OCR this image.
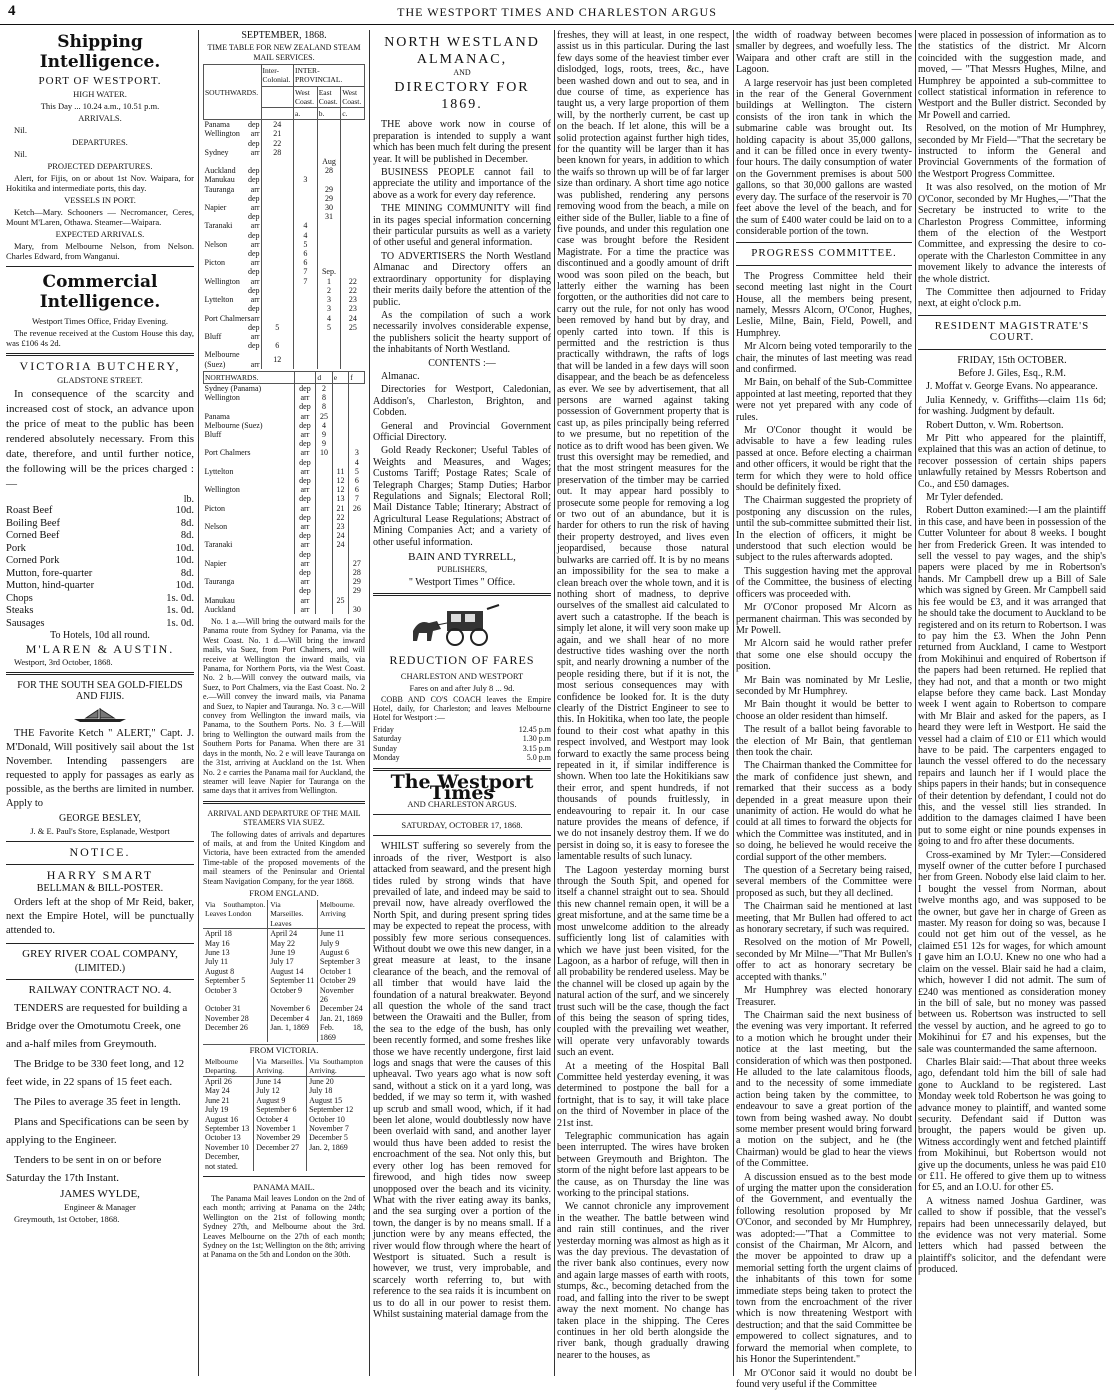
4	THE WESTPORT TIMES AND CHARLESTON ARGUS

Shipping Intelligence.

PORT OF WESTPORT.

HIGH WATER.

This Day ... 10.24 a.m., 10.51 p.m.

ARRIVALS.

Nil.

DEPARTURES.

Nil.

PROJECTED DEPARTURES.

Alert, for Fijis, on or about 1st Nov. Waipara, for Hokitika and intermediate ports, this day.

VESSELS IN PORT.

Ketch—Mary. Schooners — Necromancer, Ceres, Mount M'Laren, Othawa. Steamer—Waipara.

EXPECTED ARRIVALS.

Mary, from Melbourne Nelson, from Nelson. Charles Edward, from Wanganui.

Commercial Intelligence.

Westport Times Office, Friday Evening.

The revenue received at the Custom House this day, was £106 4s 2d.

VICTORIA BUTCHERY,

GLADSTONE STREET.

In consequence of the scarcity and increased cost of stock, an advance upon the price of meat to the public has been rendered absolutely necessary. From this date, therefore, and until further notice, the following will be the prices charged :—

lb.
Roast Beef	10d.
Boiling Beef	8d.
Corned Beef	8d.
Pork	10d.
Corned Pork	10d.
Mutton, fore-quarter	8d.
Mutton, hind-quarter	10d.
Chops	1s. 0d.
Steaks	1s. 0d.
Sausages	1s. 0d.

To Hotels, 10d all round.

M'LAREN & AUSTIN.

Westport, 3rd October, 1868.

FOR THE SOUTH SEA GOLD-FIELDS AND FIJIS.

THE Favorite Ketch " ALERT," Capt. J. M'Donald, Will positively sail about the 1st November. Intending passengers are requested to apply for passages as early as possible, as the berths are limited in number. Apply to

GEORGE BESLEY,

J. & E. Paul's Store, Esplanade, Westport

NOTICE.

HARRY SMART

BELLMAN & BILL-POSTER.

Orders left at the shop of Mr Reid, baker, next the Empire Hotel, will be punctually attended to.

GREY RIVER COAL COMPANY,

(LIMITED.)

RAILWAY CONTRACT NO. 4.

TENDERS are requested for building a Bridge over the Omotumotu Creek, one and a-half miles from Greymouth.

The Bridge to be 330 feet long, and 12 feet wide, in 22 spans of 15 feet each.

The Piles to average 35 feet in length.

Plans and Specifications can be seen by applying to the Engineer.

Tenders to be sent in on or before Saturday the 17th Instant.

JAMES WYLDE,

Engineer & Manager

Greymouth, 1st October, 1868.

SEPTEMBER, 1868.

TIME TABLE FOR NEW ZEALAND STEAM MAIL SERVICES.

SOUTHWARDS.	Inter-Colonial.	INTER-PROVINCIAL.		
		West Coast.	East Coast.	West Coast.
		a.	b.	c.
Panama dep	24			
Wellington arr	21			

dep	22			
Sydney arr	28			

			Aug	
Auckland dep			28	
Manukau dep		3		
Tauranga arr			29	

dep			29	
Napier arr			30	

dep			31	
Taranaki arr		4		

dep		4		
Nelson arr		5		

dep		6		
Picton arr		6		

dep		7	Sep.	
Wellington arr		7	1	22

dep			2	22
Lyttelton arr			3	23

dep			3	23
Port Chalmers arr			4	24

dep	5		5	25
Bluff arr				

dep	6			
Melbourne (Suez) arr	12			
NORTHWARDS.		d	e	f
Sydney (Panama)	dep	2		
Wellington	arr	8		
	dep	8		
Panama	arr	25		
Melbourne (Suez)	dep	4		
Bluff	arr	9		
	dep	9		
Port Chalmers	arr	10		3
	dep			4
Lyttelton	arr		11	5
	dep		12	6
Wellington	arr		12	6
	dep		13	7
Picton	arr		21	26
	dep		22	
Nelson	arr		23	
	dep		24	
Taranaki	arr		24	
	dep			
Napier	arr			27
	dep			28
Tauranga	arr			29
	dep			29
Manukau	arr		25	
Auckland	arr			30

No. 1 a.—Will bring the outward mails for the Panama route from Sydney for Panama, via the West Coast. No. 1 d.—Will bring the inward mails, via Suez, from Port Chalmers, and will receive at Wellington the inward mails, via Panama, for Northern Ports, via the West Coast. No. 2 b.—Will convey the outward mails, via Suez, to Port Chalmers, via the East Coast. No. 2 e.—Will convey the inward mails, via Panama and Suez, to Napier and Tauranga. No. 3 c.—Will convey from Wellington the inward mails, via Panama, to the Southern Ports. No. 3 f.—Will bring to Wellington the outward mails from the Southern Ports for Panama. When there are 31 days in the month, No. 2 e will leave Tauranga on the 31st, arriving at Auckland on the 1st. When No. 2 e carries the Panama mail for Auckland, the steamer will leave Napier for Tauranga on the same days that it arrives from Wellington.

ARRIVAL AND DEPARTURE OF THE MAIL STEAMERS VIA SUEZ.

The following dates of arrivals and departures of mails, at and from the United Kingdom and Victoria, have been extracted from the amended Time-table of the proposed movements of the mail steamers of the Peninsular and Oriental Steam Navigation Company, for the year 1868.

FROM ENGLAND.

Via Southampton. Leaves London	Via Marseilles. Leaves	Melbourne. Arriving
April 18	April 24	June 11
May 16	May 22	July 9
June 13	June 19	August 6
July 11	July 17	September 3
August 8	August 14	October 1
September 5	September 11	October 29
October 3	October 9	November 26
October 31	November 6	December 24
November 28	December 4	Jan. 21, 1869
December 26	Jan. 1, 1869	Feb. 18, 1869

FROM VICTORIA.

Melbourne Departing.	Via Marseilles. Arriving.	Via Southampton Arriving.
April 26	June 14	June 20
May 24	July 12	July 18
June 21	August 9	August 15
July 19	September 6	September 12
August 16	October 4	October 10
September 13	November 1	November 7
October 13	November 29	December 5
November 10	December 27	Jan. 2, 1869
December, not stated.		

PANAMA MAIL.

The Panama Mail leaves London on the 2nd of each month; arriving at Panama on the 24th; Wellington on the 21st of following month; Sydney 27th, and Melbourne about the 3rd. Leaves Melbourne on the 27th of each month; Sydney on the 1st; Wellington on the 8th; arriving at Panama on the 5th and London on the 30th.

NORTH WESTLAND

ALMANAC,

AND

DIRECTORY FOR 1869.

THE above work now in course of preparation is intended to supply a want which has been much felt during the present year. It will be published in December.

BUSINESS PEOPLE cannot fail to appreciate the utility and importance of the above as a work for every day reference.

THE MINING COMMUNITY will find in its pages special information concerning their particular pursuits as well as a variety of other useful and general information.

TO ADVERTISERS the North Westland Almanac and Directory offers an extraordinary opportunity for displaying their merits daily before the attention of the public.

As the compilation of such a work necessarily involves considerable expense, the publishers solicit the hearty support of the inhabitants of North Westland.

CONTENTS :—

Almanac.

Directories for Westport, Caledonian, Addison's, Charleston, Brighton, and Cobden.

General and Provincial Government Official Directory.

Gold Ready Reckoner; Useful Tables of Weights and Measures, and Wages; Customs Tariff; Postage Rates; Scale of Telegraph Charges; Stamp Duties; Harbor Regulations and Signals; Electoral Roll; Mail Distance Table; Itinerary; Abstract of Agricultural Lease Regulations; Abstract of Mining Companies Act; and a variety of other useful information.

BAIN AND TYRRELL,

PUBLISHERS,

" Westport Times " Office.

REDUCTION OF FARES

CHARLESTON AND WESTPORT

Fares on and after July 8 ... 9d.

COBB AND CO'S COACH leaves the Empire Hotel, daily, for Charleston; and leaves Melbourne Hotel for Westport :—

Friday	12.45 p.m
Saturday	1.30 p.m
Sunday	3.15 p.m
Monday	5.0 p.m

The Westport Times

AND CHARLESTON ARGUS.

SATURDAY, OCTOBER 17, 1868.

WHILST suffering so severely from the inroads of the river, Westport is also attacked from seaward, and the present high tides ruled by strong winds that have prevailed of late, and indeed may be said to prevail now, have already overflowed the North Spit, and during present spring tides may be expected to repeat the process, with possibly few more serious consequences. Without doubt we owe this new danger, in a great measure at least, to the insane clearance of the beach, and the removal of all timber that would have laid the foundation of a natural breakwater. Beyond all question the whole of the sand tract between the Orawaiti and the Buller, from the sea to the edge of the bush, has only been recently formed, and some freshes like those we have recently undergone, first laid logs and snags that were the causes of this upheaval. Two years ago what is now soft sand, without a stick on it a yard long, was bedded, if we may so term it, with washed up scrub and small wood, which, if it had been let alone, would doubtlessly now have been overlaid with sand, and another layer would thus have been added to resist the encroachment of the sea. Not only this, but every other log has been removed for firewood, and high tides now sweep unopposed over the beach and its vicinity. What with the river eating away its banks, and the sea surging over a portion of the town, the danger is by no means small. If a junction were by any means effected, the river would flow through where the heart of Westport is situated. Such a result is however, we trust, very improbable, and scarcely worth referring to, but with reference to the sea raids it is incumbent on us to do all in our power to resist them. Whilst sustaining material damage from the

freshes, they will at least, in one respect, assist us in this particular. During the last few days some of the heaviest timber ever dislodged, logs, roots, trees, &c., have been washed down and out to sea, and in due course of time, as experience has taught us, a very large proportion of them will, by the northerly current, be cast up on the beach. If let alone, this will be a solid protection against further high tides, for the quantity will be larger than it has been known for years, in addition to which the waifs so thrown up will be of far larger size than ordinary. A short time ago notice was published, rendering any persons removing wood from the beach, a mile on either side of the Buller, liable to a fine of five pounds, and under this regulation one case was brought before the Resident Magistrate. For a time the practice was discontinued and a goodly amount of drift wood was soon piled on the beach, but latterly either the warning has been forgotten, or the authorities did not care to carry out the rule, for not only has wood been removed by hand but by dray, and openly carted into town. If this is permitted and the restriction is thus practically withdrawn, the rafts of logs that will be landed in a few days will soon disappear, and the beach be as defenceless as ever. We see by advertisement, that all persons are warned against taking possession of Government property that is cast up, as piles principally being referred to we presume, but no repetition of the notice as to drift wood has been given. We trust this oversight may be remedied, and that the most stringent measures for the preservation of the timber may be carried out. It may appear hard possibly to prosecute some people for removing a log or two out of an abundance, but it is harder for others to run the risk of having their property destroyed, and lives even jeopardised, because those natural bulwarks are carried off. It is by no means an impossibility for the sea to make a clean breach over the whole town, and it is nothing short of madness, to deprive ourselves of the smallest aid calculated to avert such a catastrophe. If the beach is simply let alone, it will very soon make up again, and we shall hear of no more destructive tides washing over the north spit, and nearly drowning a number of the people residing there, but if it is not, the most serious consequences may with confidence be looked for. It is the duty clearly of the District Engineer to see to this. In Hokitika, when too late, the people found to their cost what apathy in this respect involved, and Westport may look forward to exactly the same process being repeated in it, if similar indifference is shown. When too late the Hokitikians saw their error, and spent hundreds, if not thousands of pounds fruitlessly, in endeavouring to repair it. In our case nature provides the means of defence, if we do not insanely destroy them. If we do persist in doing so, it is easy to foresee the lamentable results of such lunacy.

The Lagoon yesterday morning burst through the South Spit, and opened for itself a channel straight out to sea. Should this new channel remain open, it will be a great misfortune, and at the same time be a most unwelcome addition to the already sufficiently long list of calamities with which we have just been visited, for the Lagoon, as a harbor of refuge, will then in all probability be rendered useless. May be the channel will be closed up again by the natural action of the surf, and we sincerely trust such will be the case, though the fact of this being the season of spring tides, coupled with the prevailing wet weather, will operate very unfavorably towards such an event.

At a meeting of the Hospital Ball Committee held yesterday evening, it was determined to postpone the ball for a fortnight, that is to say, it will take place on the third of November in place of the 21st inst.

Telegraphic communication has again been interrupted. The wires have broken between Greymouth and Brighton. The storm of the night before last appears to be the cause, as on Thursday the line was working to the principal stations.

We cannot chronicle any improvement in the weather. The battle between wind and rain still continues, and the river yesterday morning was almost as high as it was the day previous. The devastation of the river bank also continues, every now and again large masses of earth with roots, stumps, &c., becoming detached from the road, and falling into the river to be swept away the next moment. No change has taken place in the shipping. The Ceres continues in her old berth alongside the river bank, though gradually drawing nearer to the houses, as

the width of roadway between becomes smaller by degrees, and woefully less. The Waipara and other craft are still in the Lagoon.

A large reservoir has just been completed in the rear of the General Government buildings at Wellington. The cistern consists of the iron tank in which the submarine cable was brought out. Its holding capacity is about 35,000 gallons, and it can be filled once in every twenty-four hours. The daily consumption of water on the Government premises is about 500 gallons, so that 30,000 gallons are wasted every day. The surface of the reservoir is 70 feet above the level of the beach, and for the sum of £400 water could be laid on to a considerable portion of the town.

PROGRESS COMMITTEE.

The Progress Committee held their second meeting last night in the Court House, all the members being present, namely, Messrs Alcorn, O'Conor, Hughes, Leslie, Milne, Bain, Field, Powell, and Humphrey.

Mr Alcorn being voted temporarily to the chair, the minutes of last meeting was read and confirmed.

Mr Bain, on behalf of the Sub-Committee appointed at last meeting, reported that they were not yet prepared with any code of rules.

Mr O'Conor thought it would be advisable to have a few leading rules passed at once. Before electing a chairman and other officers, it would be right that the term for which they were to hold office should be definitely fixed.

The Chairman suggested the propriety of postponing any discussion on the rules, until the sub-committee submitted their list. In the election of officers, it might be understood that such election would be subject to the rules afterwards adopted.

This suggestion having met the approval of the Committee, the business of electing officers was proceeded with.

Mr O'Conor proposed Mr Alcorn as permanent chairman. This was seconded by Mr Powell.

Mr Alcorn said he would rather prefer that some one else should occupy the position.

Mr Bain was nominated by Mr Leslie, seconded by Mr Humphrey.

Mr Bain thought it would be better to choose an older resident than himself.

The result of a ballot being favorable to the election of Mr Bain, that gentleman then took the chair.

The Chairman thanked the Committee for the mark of confidence just shewn, and remarked that their success as a body depended in a great measure upon their unanimity of action. He would do what he could at all times to forward the objects for which the Committee was instituted, and in so doing, he believed he would receive the cordial support of the other members.

The question of a Secretary being raised, several members of the Committee were proposed as such, but they all declined.

The Chairman said he mentioned at last meeting, that Mr Bullen had offered to act as honorary secretary, if such was required.

Resolved on the motion of Mr Powell, seconded by Mr Milne—"That Mr Bullen's offer to act as honorary secretary be accepted with thanks."

Mr Humphrey was elected honorary Treasurer.

The Chairman said the next business of the evening was very important. It referred to a motion which he brought under their notice at the last meeting, but the consideration of which was then postponed. He alluded to the late calamitous floods, and to the necessity of some immediate action being taken by the committee, to endeavour to save a great portion of the town from being washed away. No doubt some member present would bring forward a motion on the subject, and he (the Chairman) would be glad to hear the views of the Committee.

A discussion ensued as to the best mode of urging the matter upon the consideration of the Government, and eventually the following resolution proposed by Mr O'Conor, and seconded by Mr Humphrey, was adopted:—"That a Committee to consist of the Chairman, Mr Alcorn, and the mover be appointed to draw up a memorial setting forth the urgent claims of the inhabitants of this town for some immediate steps being taken to protect the town from the encroachment of the river which is now threatening Westport with destruction; and that the said Committee be empowered to collect signatures, and to forward the memorial when complete, to his Honor the Superintendent."

Mr O'Conor said it would no doubt be found very useful if the Committee

were placed in possession of information as to the statistics of the district. Mr Alcorn coincided with the suggestion made, and moved, — "That Messrs Hughes, Milne, and Humphrey be appointed a sub-committee to collect statistical information in reference to Westport and the Buller district. Seconded by Mr Powell and carried.

Resolved, on the motion of Mr Humphrey, seconded by Mr Field—"That the secretary be instructed to inform the General and Provincial Governments of the formation of the Westport Progress Committee.

It was also resolved, on the motion of Mr O'Conor, seconded by Mr Hughes,—"That the Secretary be instructed to write to the Charleston Progress Committee, informing them of the election of the Westport Committee, and expressing the desire to co-operate with the Charleston Committee in any movement likely to advance the interests of the whole district.

The Committee then adjourned to Friday next, at eight o'clock p.m.

RESIDENT MAGISTRATE'S COURT.

FRIDAY, 15th OCTOBER.

Before J. Giles, Esq., R.M.

J. Moffat v. George Evans. No appearance.

Julia Kennedy, v. Griffiths—claim 11s 6d; for washing. Judgment by default.

Robert Dutton, v. Wm. Robertson.

Mr Pitt who appeared for the plaintiff, explained that this was an action of detinue, to recover possession of certain ships papers unlawfully retained by Messrs Robertson and Co., and £50 damages.

Mr Tyler defended.

Robert Dutton examined:—I am the plaintiff in this case, and have been in possession of the Cutter Volunteer for about 8 weeks. I bought her from Frederick Green. It was intended to sell the vessel to pay wages, and the ship's papers were placed by me in Robertson's hands. Mr Campbell drew up a Bill of Sale which was signed by Green. Mr Campbell said his fee would be £3, and it was arranged that he should take the document to Auckland to be registered and on its return to Robertson. I was to pay him the £3. When the John Penn returned from Auckland, I came to Westport from Mokihinui and enquired of Robertson if the papers had been returned. He replied that they had not, and that a month or two might elapse before they came back. Last Monday week I went again to Robertson to compare with Mr Blair and asked for the papers, as I heard they were left in Westport. He said the vessel had a claim of £10 or £11 which would have to be paid. The carpenters engaged to launch the vessel offered to do the necessary repairs and launch her if I would place the ships papers in their hands; but in consequence of their detention by defendant, I could not do this, and the vessel still lies stranded. In addition to the damages claimed I have been put to some eight or nine pounds expenses in going to and fro after these documents.

Cross-examined by Mr Tyler:—Considered myself owner of the cutter before I purchased her from Green. Nobody else laid claim to her. I bought the vessel from Norman, about twelve months ago, and was supposed to be the owner, but gave her in charge of Green as master. My reason for doing so was, because I could not get him out of the vessel, as he claimed £51 12s for wages, for which amount I gave him an I.O.U. Knew no one who had a claim on the vessel. Blair said he had a claim, which, however I did not admit. The sum of £240 was mentioned as consideration money in the bill of sale, but no money was passed between us. Robertson was instructed to sell the vessel by auction, and he agreed to go to Mokihinui for £7 and his expenses, but the sale was countermanded the same afternoon.

Charles Blair said:—That about three weeks ago, defendant told him the bill of sale had gone to Auckland to be registered. Last Monday week told Robertson he was going to advance money to plaintiff, and wanted some security. Defendant said if Dutton was brought, the papers would be given up. Witness accordingly went and fetched plaintiff from Mokihinui, but Robertson would not give up the documents, unless he was paid £10 or £11. He offered to give them up to witness for £5, and an I.O.U. for other £5.

A witness named Joshua Gardiner, was called to show if possible, that the vessel's repairs had been unnecessarily delayed, but the evidence was not very material. Some letters which had passed between the plaintiff's solicitor, and the defendant were produced.
